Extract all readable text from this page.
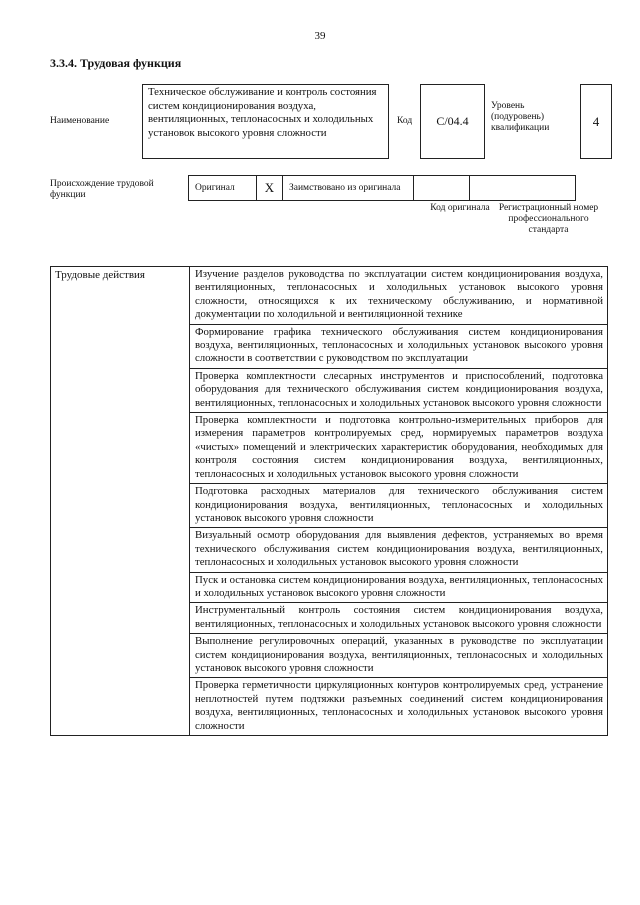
39
3.3.4. Трудовая функция
Наименование
Техническое обслуживание и контроль состояния систем кондиционирования воздуха, вентиляционных, теплонасосных и холодильных установок высокого уровня сложности
Код	C/04.4
Уровень (подуровень) квалификации	4
Происхождение трудовой функции
Оригинал	X	Заимствовано из оригинала		
Код оригинала Регистрационный номер профессионального стандарта
Трудовые действия	Изучение разделов руководства по эксплуатации систем кондиционирования воздуха, вентиляционных, теплонасосных и холодильных установок высокого уровня сложности, относящихся к их техническому обслуживанию, и нормативной документации по холодильной и вентиляционной технике
Формирование графика технического обслуживания систем кондиционирования воздуха, вентиляционных, теплонасосных и холодильных установок высокого уровня сложности в соответствии с руководством по эксплуатации
Проверка комплектности слесарных инструментов и приспособлений, подготовка оборудования для технического обслуживания систем кондиционирования воздуха, вентиляционных, теплонасосных и холодильных установок высокого уровня сложности
Проверка комплектности и подготовка контрольно-измерительных приборов для измерения параметров контролируемых сред, нормируемых параметров воздуха «чистых» помещений и электрических характеристик оборудования, необходимых для контроля состояния систем кондиционирования воздуха, вентиляционных, теплонасосных и холодильных установок высокого уровня сложности
Подготовка расходных материалов для технического обслуживания систем кондиционирования воздуха, вентиляционных, теплонасосных и холодильных установок высокого уровня сложности
Визуальный осмотр оборудования для выявления дефектов, устраняемых во время технического обслуживания систем кондиционирования воздуха, вентиляционных, теплонасосных и холодильных установок высокого уровня сложности
Пуск и остановка систем кондиционирования воздуха, вентиляционных, теплонасосных и холодильных установок высокого уровня сложности
Инструментальный контроль состояния систем кондиционирования воздуха, вентиляционных, теплонасосных и холодильных установок высокого уровня сложности
Выполнение регулировочных операций, указанных в руководстве по эксплуатации систем кондиционирования воздуха, вентиляционных, теплонасосных и холодильных установок высокого уровня сложности
Проверка герметичности циркуляционных контуров контролируемых сред, устранение неплотностей путем подтяжки разъемных соединений систем кондиционирования воздуха, вентиляционных, теплонасосных и холодильных установок высокого уровня сложности
